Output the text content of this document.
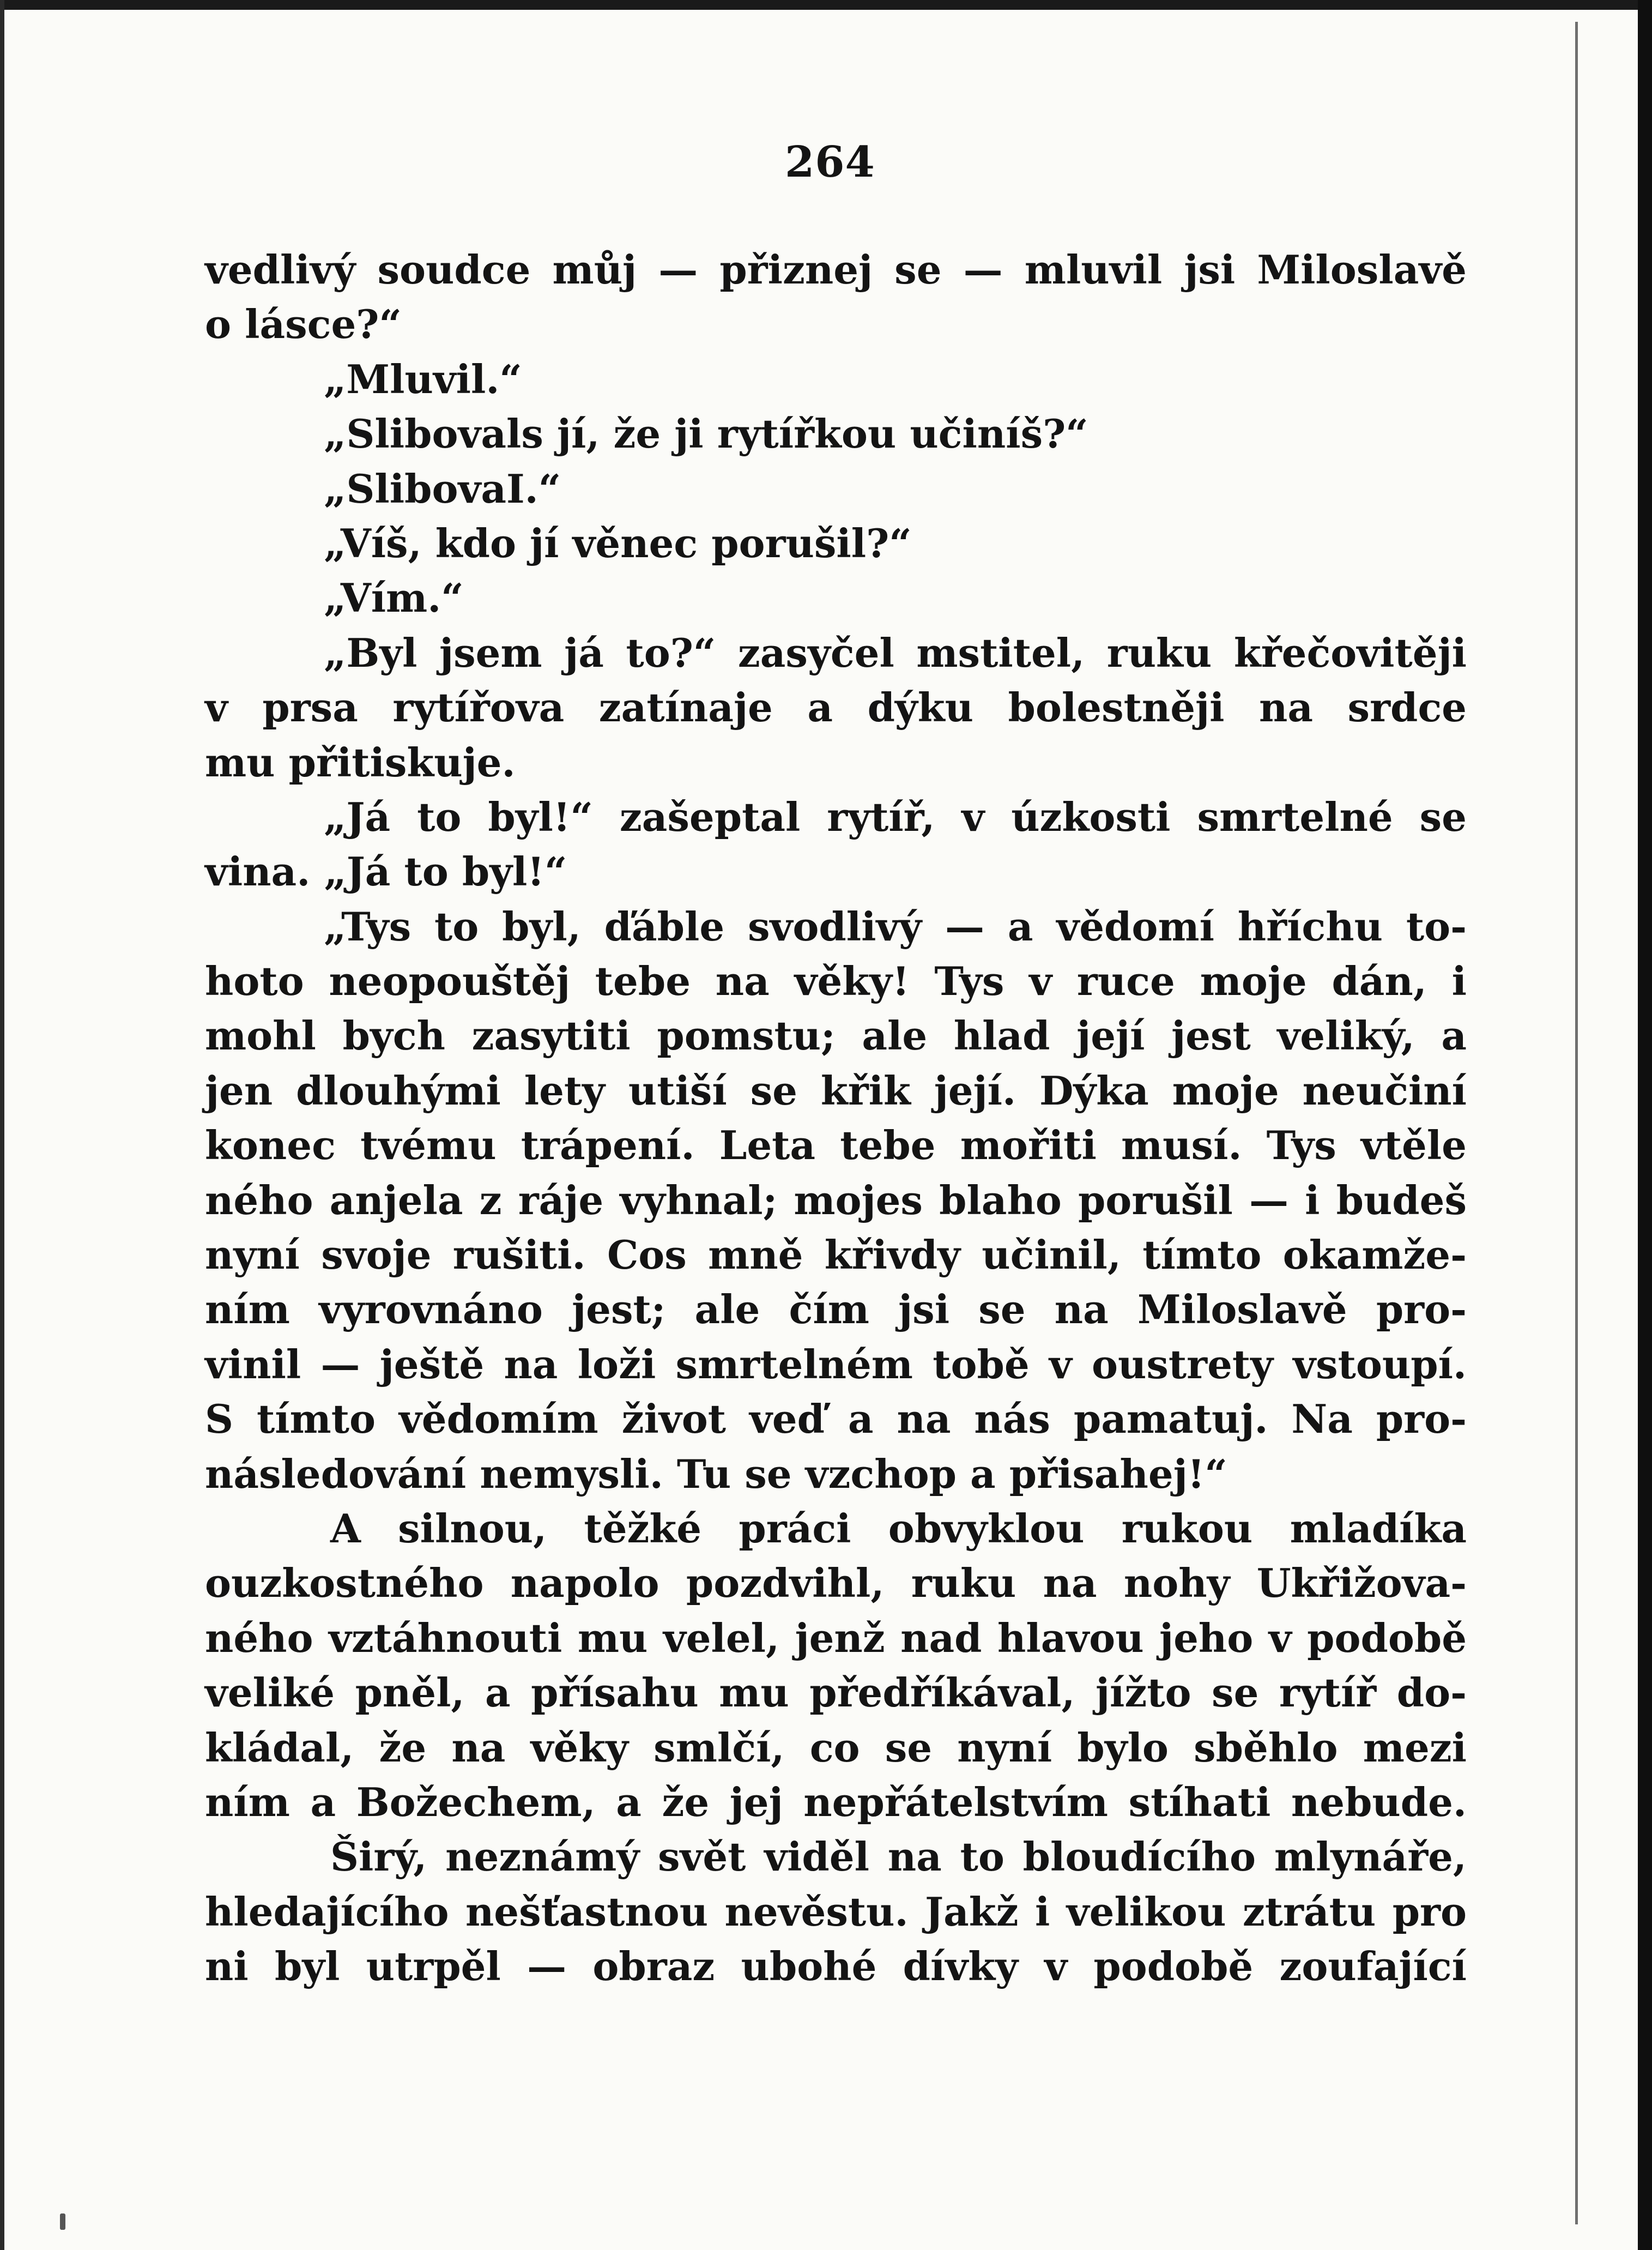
264
vedlivý soudce můj — přiznej se — mluvil jsi Miloslavě
o lásce?“
„Mluvil.“
„Slibovals jí, že ji rytířkou učiníš?“
„SlibovaI.“
„Víš, kdo jí věnec porušil?“
„Vím.“
„Byl jsem já to?“ zasyčel mstitel, ruku křečovitěji
v prsa rytířova zatínaje a dýku bolestněji na srdce
mu přitiskuje.
„Já to byl!“ zašeptal rytíř, v úzkosti smrtelné se
vina. „Já to byl!“
„Tys to byl, ďáble svodlivý — a vědomí hříchu to-
hoto neopouštěj tebe na věky! Tys v ruce moje dán, i
mohl bych zasytiti pomstu; ale hlad její jest veliký, a
jen dlouhými lety utiší se křik její. Dýka moje neučiní
konec tvému trápení. Leta tebe mořiti musí. Tys vtěle
ného anjela z ráje vyhnal; mojes blaho porušil — i budeš
nyní svoje rušiti. Cos mně křivdy učinil, tímto okamže-
ním vyrovnáno jest; ale čím jsi se na Miloslavě pro-
vinil — ještě na loži smrtelném tobě v oustrety vstoupí.
S tímto vědomím život veď a na nás pamatuj. Na pro-
následování nemysli. Tu se vzchop a přisahej!“
A silnou, těžké práci obvyklou rukou mladíka
ouzkostného napolo pozdvihl, ruku na nohy Ukřižova-
ného vztáhnouti mu velel, jenž nad hlavou jeho v podobě
veliké pněl, a přísahu mu předříkával, jížto se rytíř do-
kládal, že na věky smlčí, co se nyní bylo sběhlo mezi
ním a Božechem, a že jej nepřátelstvím stíhati nebude.
Širý, neznámý svět viděl na to bloudícího mlynáře,
hledajícího nešťastnou nevěstu. Jakž i velikou ztrátu pro
ni byl utrpěl — obraz ubohé dívky v podobě zoufající
